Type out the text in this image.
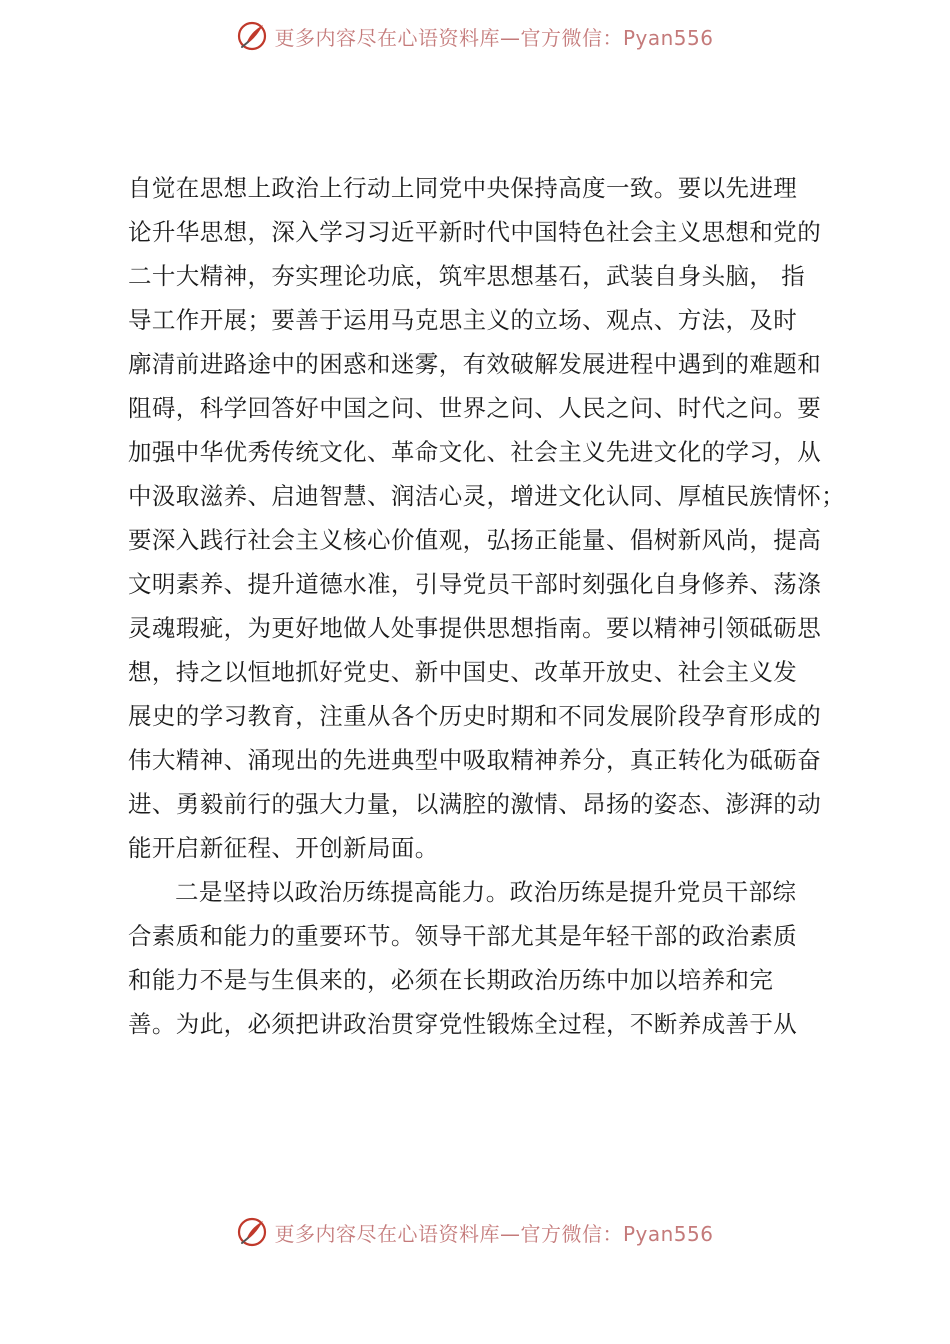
更多内容尽在心语资料库—官方微信：Pyan556
自觉在思想上政治上行动上同党中央保持高度一致。要以先进理
论升华思想，深入学习习近平新时代中国特色社会主义思想和党的
二十大精神，夯实理论功底，筑牢思想基石，武装自身头脑， 指
导工作开展；要善于运用马克思主义的立场、观点、方法，及时
廓清前进路途中的困惑和迷雾，有效破解发展进程中遇到的难题和
阻碍，科学回答好中国之问、世界之问、人民之问、时代之问。要
加强中华优秀传统文化、革命文化、社会主义先进文化的学习，从
中汲取滋养、启迪智慧、润洁心灵，增进文化认同、厚植民族情怀；
要深入践行社会主义核心价值观，弘扬正能量、倡树新风尚，提高
文明素养、提升道德水准，引导党员干部时刻强化自身修养、荡涤
灵魂瑕疵，为更好地做人处事提供思想指南。要以精神引领砥砺思
想，持之以恒地抓好党史、新中国史、改革开放史、社会主义发
展史的学习教育，注重从各个历史时期和不同发展阶段孕育形成的
伟大精神、涌现出的先进典型中吸取精神养分，真正转化为砥砺奋
进、勇毅前行的强大力量，以满腔的激情、昂扬的姿态、澎湃的动
能开启新征程、开创新局面。
二是坚持以政治历练提高能力。政治历练是提升党员干部综
合素质和能力的重要环节。领导干部尤其是年轻干部的政治素质
和能力不是与生俱来的，必须在长期政治历练中加以培养和完
善。为此，必须把讲政治贯穿党性锻炼全过程，不断养成善于从
更多内容尽在心语资料库—官方微信：Pyan556
